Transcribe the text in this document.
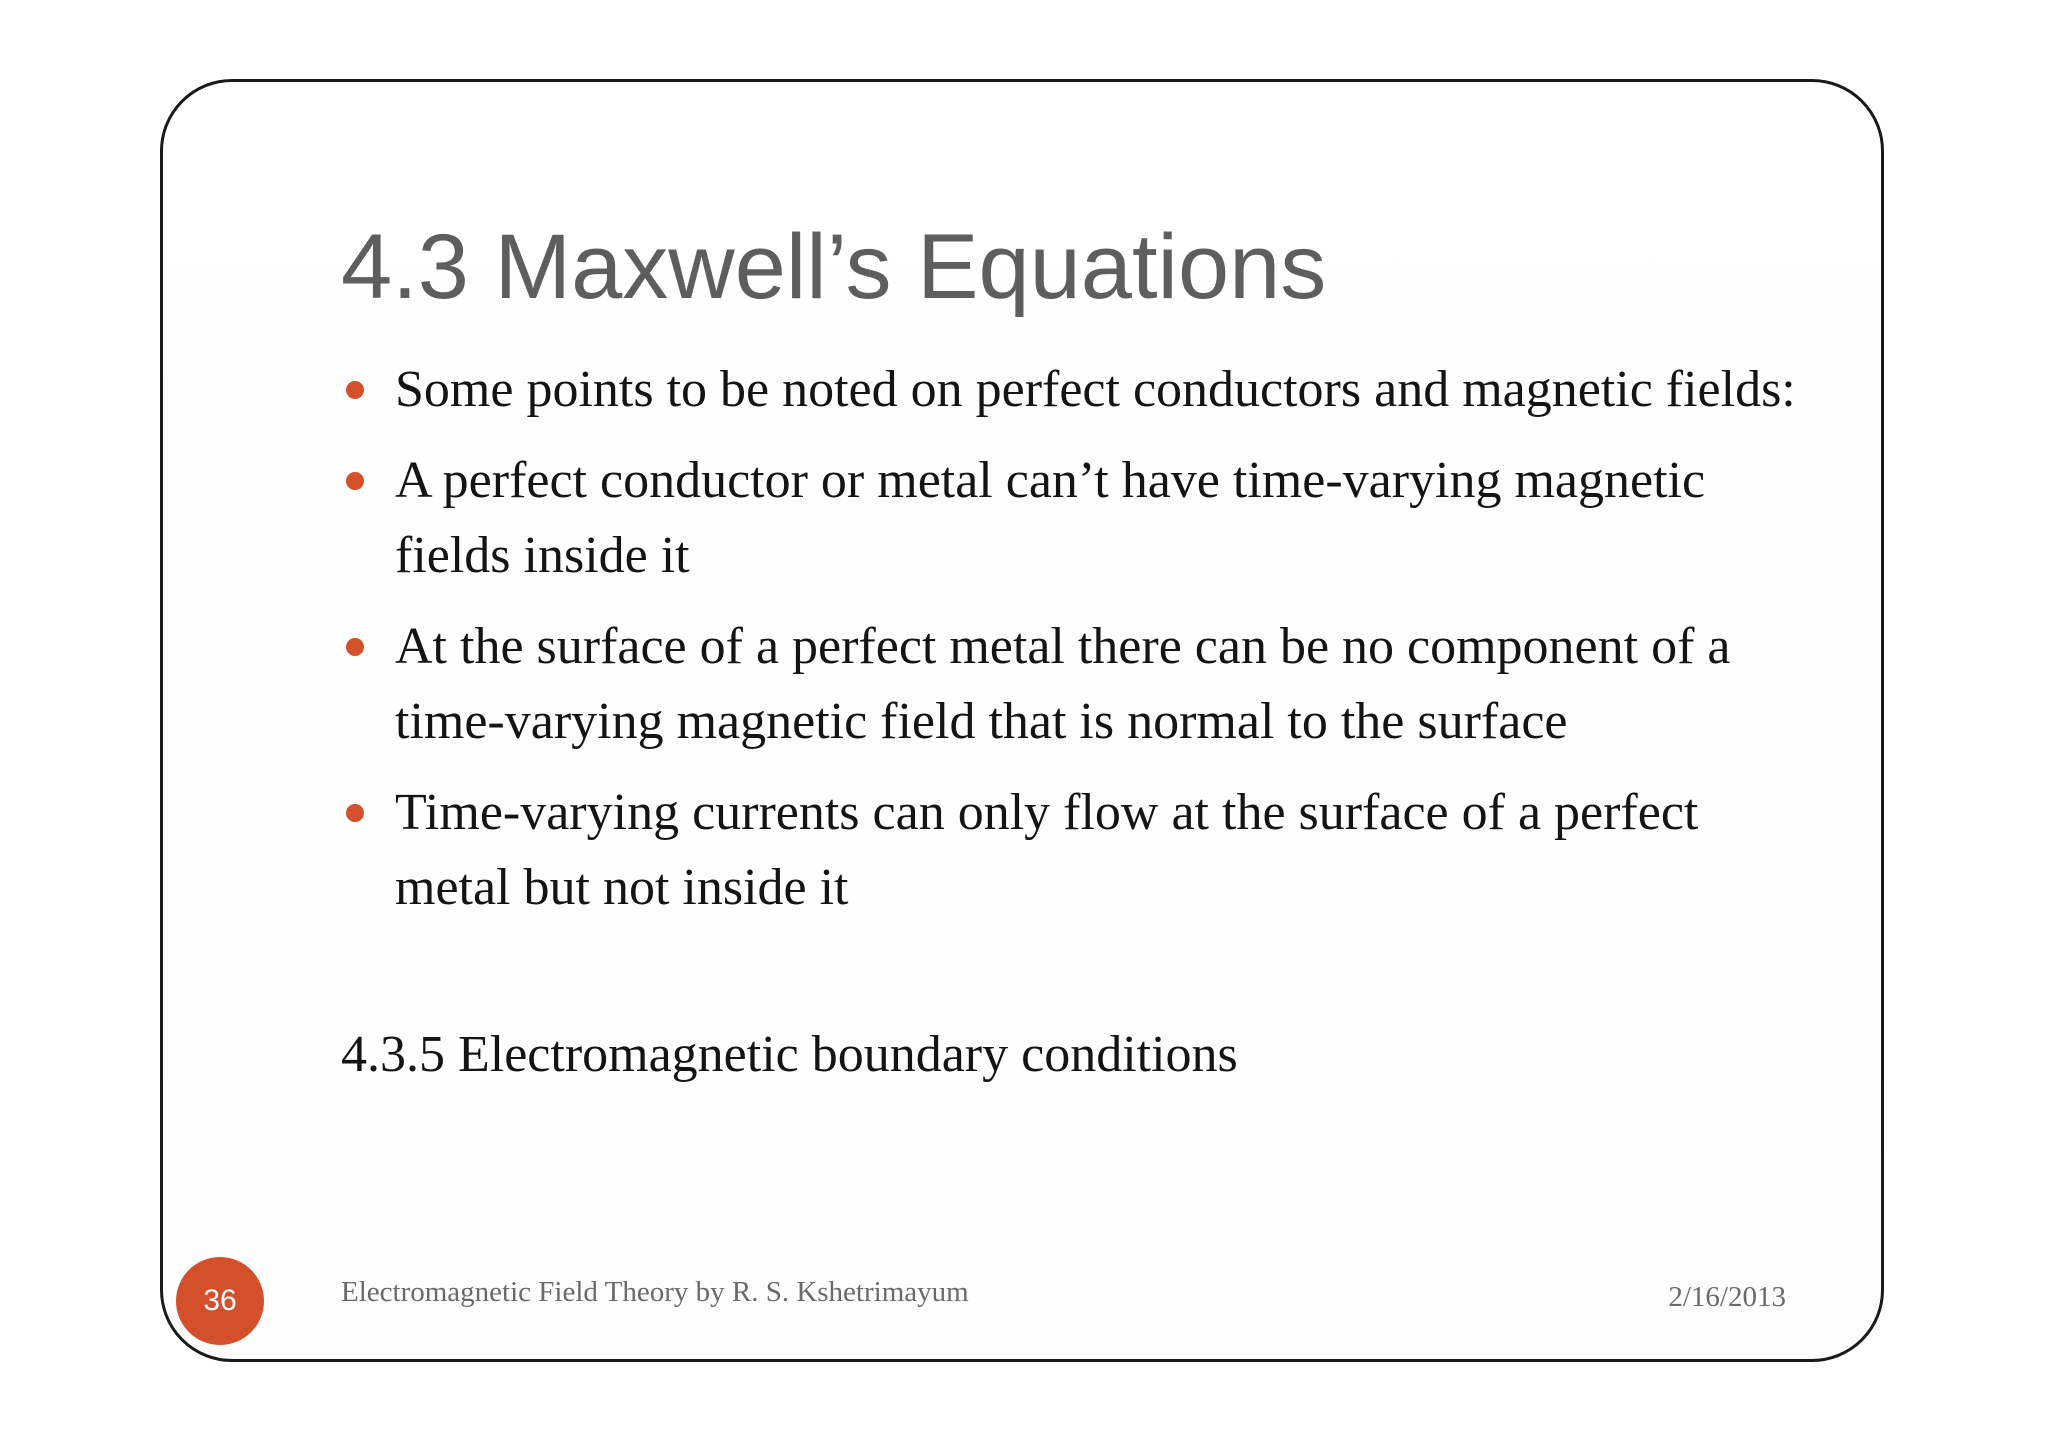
4.3 Maxwell’s Equations
Some points to be noted on perfect conductors and magnetic fields:
A perfect conductor or metal can’t have time-varying magnetic fields inside it
At the surface of a perfect metal there can be no component of a time-varying magnetic field that is normal to the surface
Time-varying currents can only flow at the surface of a perfect metal but not inside it

4.3.5 Electromagnetic boundary conditions

36	Electromagnetic Field Theory by R. S. Kshetrimayum	2/16/2013
